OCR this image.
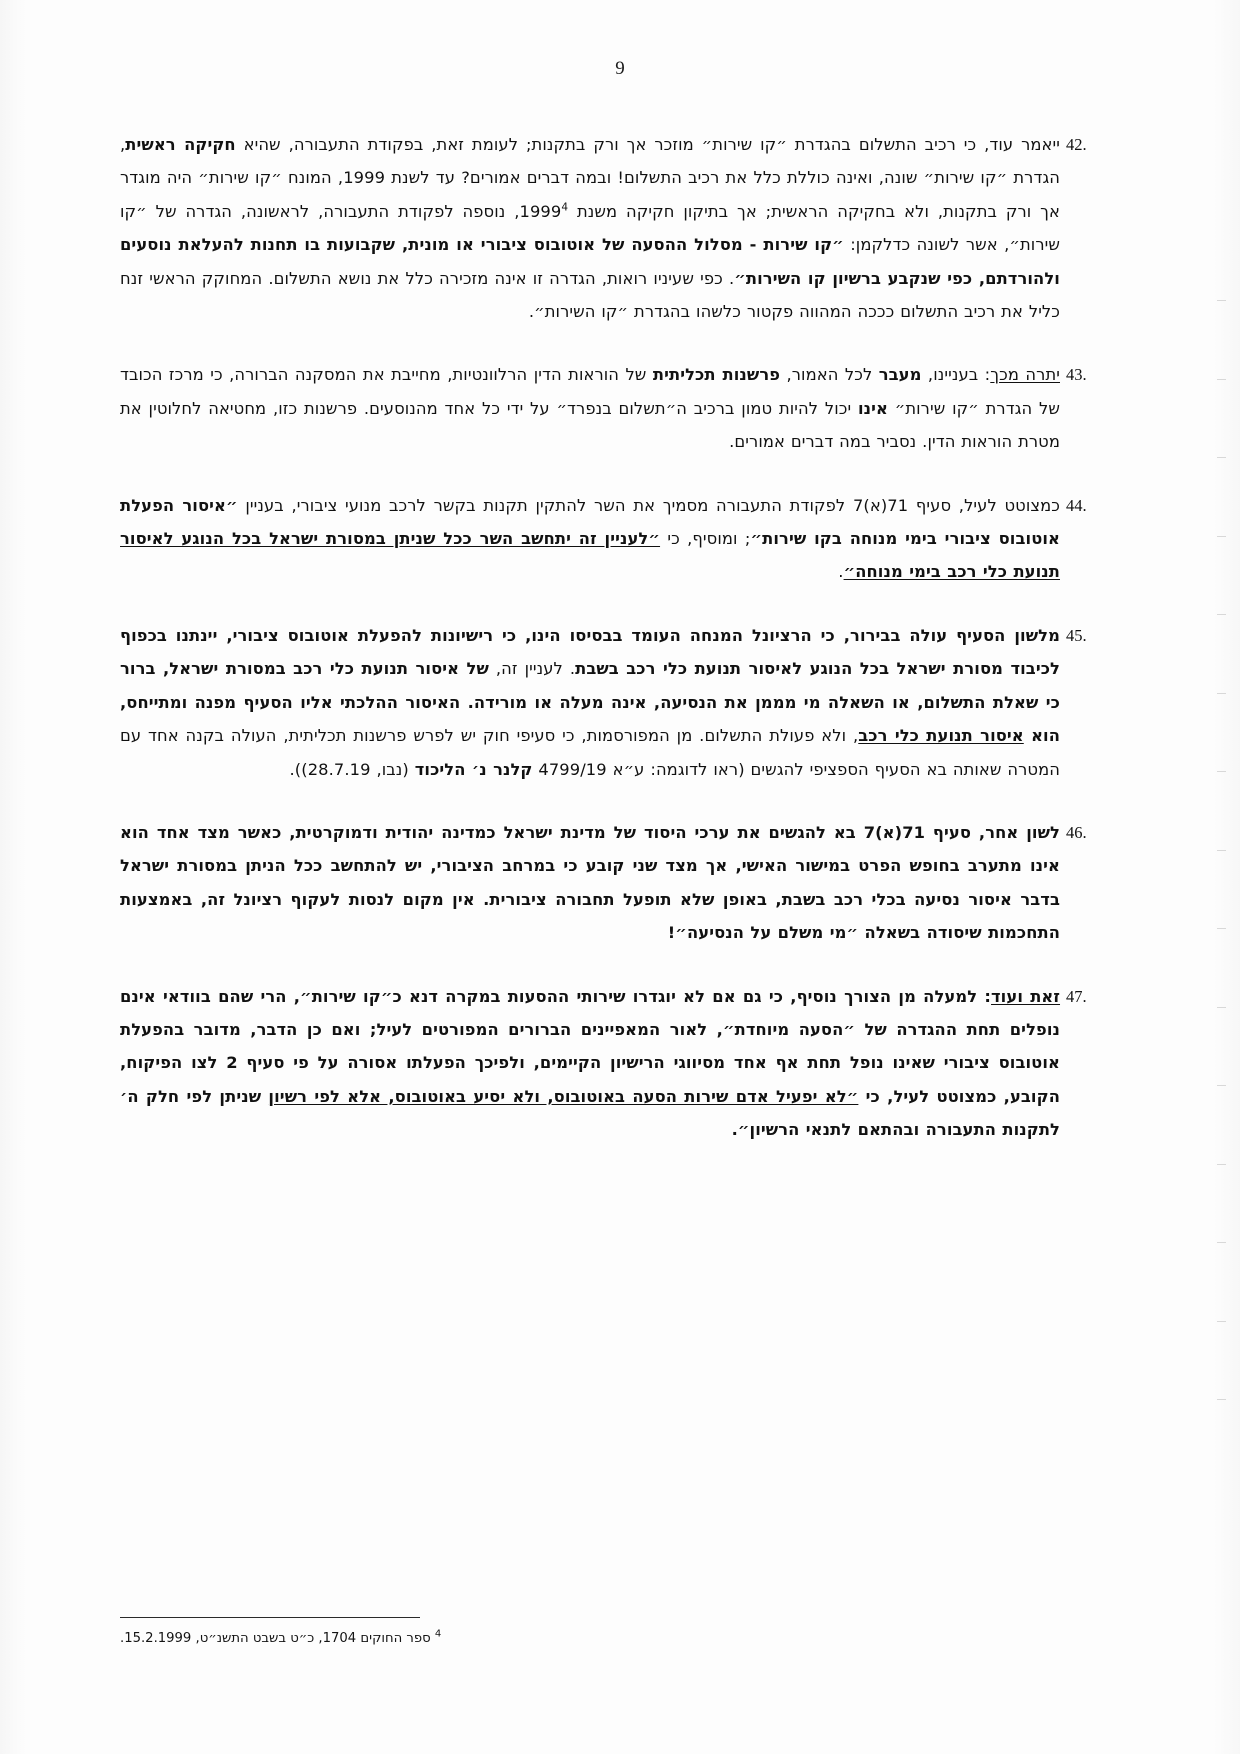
9
42.
ייאמר עוד, כי רכיב התשלום בהגדרת ״קו שירות״ מוזכר אך ורק בתקנות; לעומת זאת, בפקודת התעבורה, שהיא חקיקה ראשית, הגדרת ״קו שירות״ שונה, ואינה כוללת כלל את רכיב התשלום! ובמה דברים אמורים? עד לשנת 1999, המונח ״קו שירות״ היה מוגדר אך ורק בתקנות, ולא בחקיקה הראשית; אך בתיקון חקיקה משנת 1999$^4$, נוספה לפקודת התעבורה, לראשונה, הגדרה של ״קו שירות״, אשר לשונה כדלקמן: ״קו שירות - מסלול ההסעה של אוטובוס ציבורי או מונית, שקבועות בו תחנות להעלאת נוסעים ולהורדתם, כפי שנקבע ברשיון קו השירות״. כפי שעיניו רואות, הגדרה זו אינה מזכירה כלל את נושא התשלום. המחוקק הראשי זנח כליל את רכיב התשלום כככה המהווה פקטור כלשהו בהגדרת ״קו השירות״.
43.
יתרה מכך: בעניינו, מעבר לכל האמור, פרשנות תכליתית של הוראות הדין הרלוונטיות, מחייבת את המסקנה הברורה, כי מרכז הכובד של הגדרת ״קו שירות״ אינו יכול להיות טמון ברכיב ה״תשלום בנפרד״ על ידי כל אחד מהנוסעים. פרשנות כזו, מחטיאה לחלוטין את מטרת הוראות הדין. נסביר במה דברים אמורים.
44.
כמצוטט לעיל, סעיף 71(א)7 לפקודת התעבורה מסמיך את השר להתקין תקנות בקשר לרכב מנועי ציבורי, בעניין ״איסור הפעלת אוטובוס ציבורי בימי מנוחה בקו שירות״; ומוסיף, כי ״לעניין זה יתחשב השר ככל שניתן במסורת ישראל בכל הנוגע לאיסור תנועת כלי רכב בימי מנוחה״.
45.
מלשון הסעיף עולה בבירור, כי הרציונל המנחה העומד בבסיסו הינו, כי רישיונות להפעלת אוטובוס ציבורי, יינתנו בכפוף לכיבוד מסורת ישראל בכל הנוגע לאיסור תנועת כלי רכב בשבת. לעניין זה, של איסור תנועת כלי רכב במסורת ישראל, ברור כי שאלת התשלום, או השאלה מי מממן את הנסיעה, אינה מעלה או מורידה. האיסור ההלכתי אליו הסעיף מפנה ומתייחס, הוא איסור תנועת כלי רכב, ולא פעולת התשלום. מן המפורסמות, כי סעיפי חוק יש לפרש פרשנות תכליתית, העולה בקנה אחד עם המטרה שאותה בא הסעיף הספציפי להגשים (ראו לדוגמה: ע״א 4799/19 קלנר נ׳ הליכוד (נבו, 28.7.19)).
46.
לשון אחר, סעיף 71(א)7 בא להגשים את ערכי היסוד של מדינת ישראל כמדינה יהודית ודמוקרטית, כאשר מצד אחד הוא אינו מתערב בחופש הפרט במישור האישי, אך מצד שני קובע כי במרחב הציבורי, יש להתחשב ככל הניתן במסורת ישראל בדבר איסור נסיעה בכלי רכב בשבת, באופן שלא תופעל תחבורה ציבורית. אין מקום לנסות לעקוף רציונל זה, באמצעות התחכמות שיסודה בשאלה ״מי משלם על הנסיעה״!
47.
זאת ועוד: למעלה מן הצורך נוסיף, כי גם אם לא יוגדרו שירותי ההסעות במקרה דנא כ״קו שירות״, הרי שהם בוודאי אינם נופלים תחת ההגדרה של ״הסעה מיוחדת״, לאור המאפיינים הברורים המפורטים לעיל; ואם כן הדבר, מדובר בהפעלת אוטובוס ציבורי שאינו נופל תחת אף אחד מסיווגי הרישיון הקיימים, ולפיכך הפעלתו אסורה על פי סעיף 2 לצו הפיקוח, הקובע, כמצוטט לעיל, כי ״לא יפעיל אדם שירות הסעה באוטובוס, ולא יסיע באוטובוס, אלא לפי רשיון שניתן לפי חלק ה׳ לתקנות התעבורה ובהתאם לתנאי הרשיון״.
$^4$ ספר החוקים 1704, כ״ט בשבט התשנ״ט, 15.2.1999.
